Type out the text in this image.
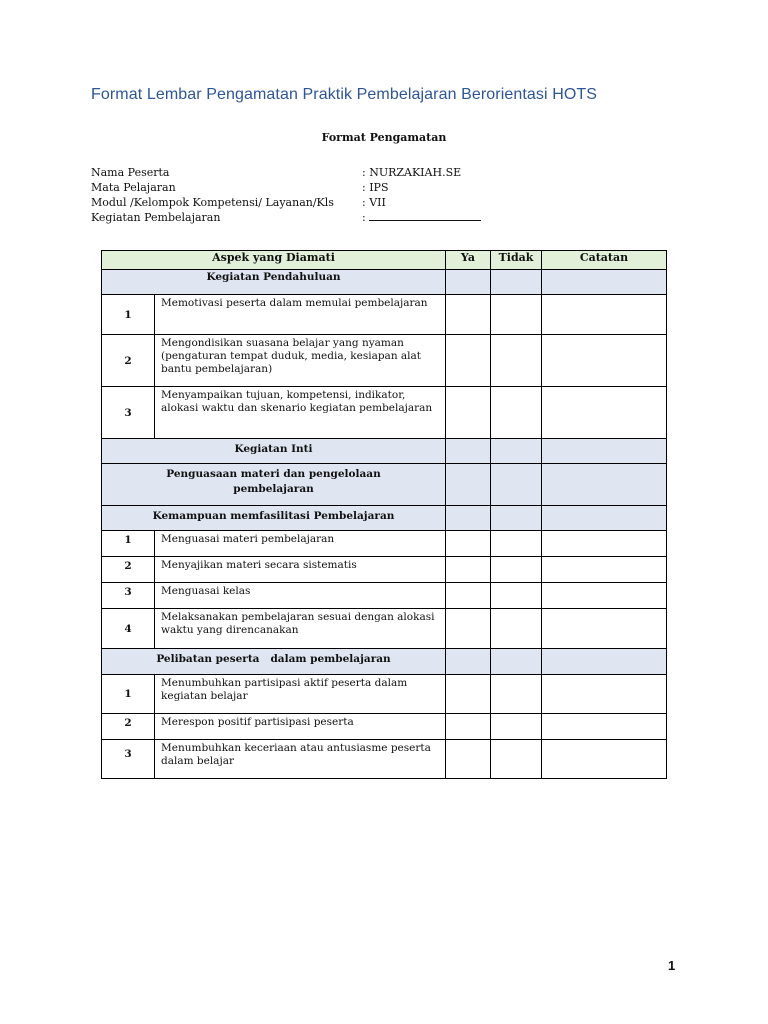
Format Lembar Pengamatan Praktik Pembelajaran Berorientasi HOTS
Format Pengamatan
Nama Peserta	: NURZAKIAH.SE
Mata Pelajaran	: IPS
Modul /Kelompok Kompetensi/ Layanan/Kls	: VII
Kegiatan Pembelajaran	:
Aspek yang Diamati		Ya	Tidak	Catatan
Kegiatan Pendahuluan				
1	Memotivasi peserta dalam memulai pembelajaran			
2	Mengondisikan suasana belajar yang nyaman (pengaturan tempat duduk, media, kesiapan alat bantu pembelajaran)			
3	Menyampaikan tujuan, kompetensi, indikator, alokasi waktu dan skenario kegiatan pembelajaran			
Kegiatan Inti				
Penguasaan materi dan pengelolaan pembelajaran				
Kemampuan memfasilitasi Pembelajaran				
1	Menguasai materi pembelajaran			
2	Menyajikan materi secara sistematis			
3	Menguasai kelas			
4	Melaksanakan pembelajaran sesuai dengan alokasi waktu yang direncanakan			
Pelibatan peserta   dalam pembelajaran				
1	Menumbuhkan partisipasi aktif peserta dalam kegiatan belajar			
2	Merespon positif partisipasi peserta			
3	Menumbuhkan keceriaan atau antusiasme peserta dalam belajar			
1
